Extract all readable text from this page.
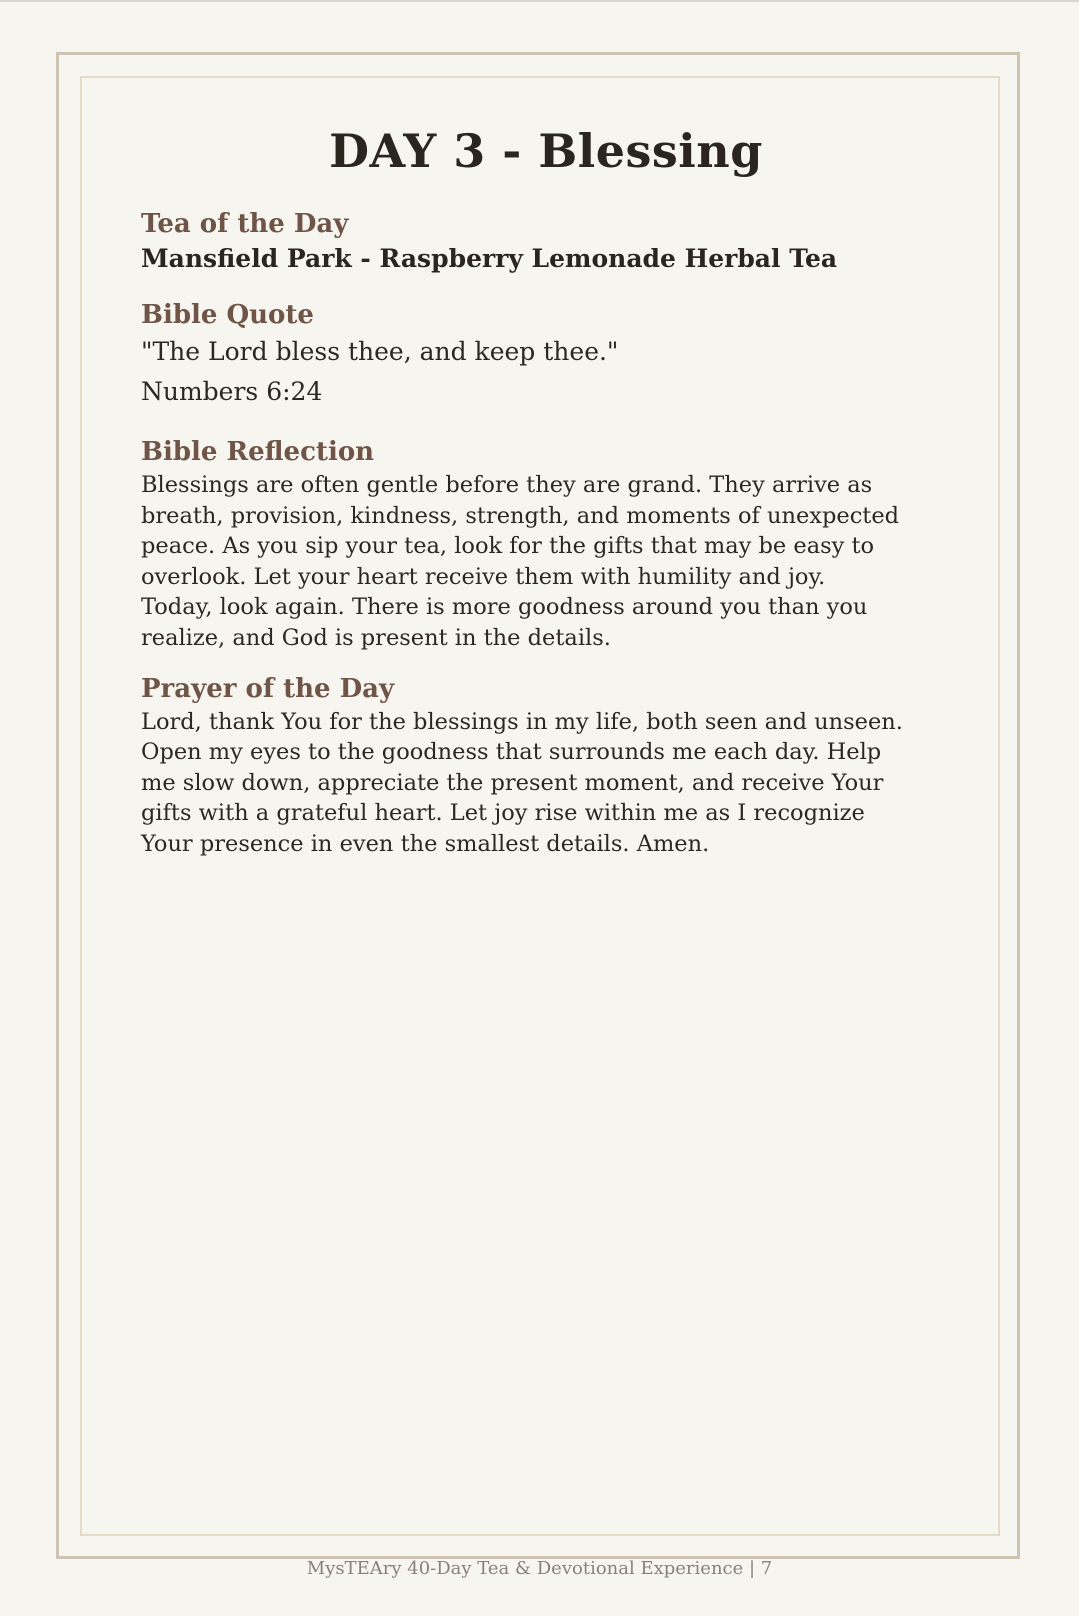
DAY 3 - Blessing
Tea of the Day

Mansfield Park - Raspberry Lemonade Herbal Tea

Bible Quote

"The Lord bless thee, and keep thee."

Numbers 6:24

Bible Reflection

Blessings are often gentle before they are grand. They arrive as

breath, provision, kindness, strength, and moments of unexpected

peace. As you sip your tea, look for the gifts that may be easy to

overlook. Let your heart receive them with humility and joy.

Today, look again. There is more goodness around you than you

realize, and God is present in the details.

Prayer of the Day

Lord, thank You for the blessings in my life, both seen and unseen.

Open my eyes to the goodness that surrounds me each day. Help

me slow down, appreciate the present moment, and receive Your

gifts with a grateful heart. Let joy rise within me as I recognize

Your presence in even the smallest details. Amen.

MysTEAry 40-Day Tea & Devotional Experience | 7
